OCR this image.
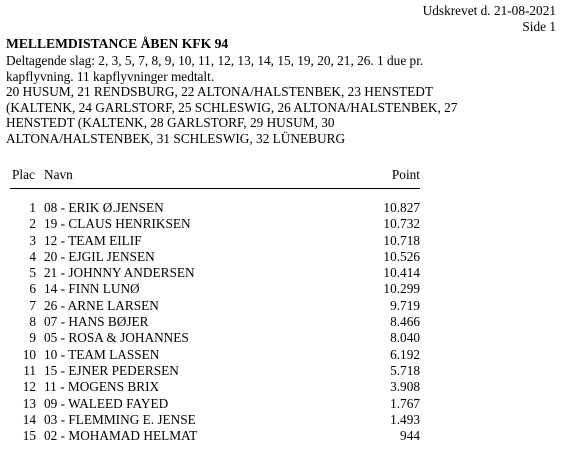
Udskrevet d. 21-08-2021
Side 1
MELLEMDISTANCE ÅBEN KFK 94

Deltagende slag: 2, 3, 5, 7, 8, 9, 10, 11, 12, 13, 14, 15, 19, 20, 21, 26. 1 due pr. kapflyvning. 11 kapflyvninger medtalt.

20 HUSUM, 21 RENDSBURG, 22 ALTONA/HALSTENBEK, 23 HENSTEDT (KALTENK, 24 GARLSTORF, 25 SCHLESWIG, 26 ALTONA/HALSTENBEK, 27 HENSTEDT (KALTENK, 28 GARLSTORF, 29 HUSUM, 30 ALTONA/HALSTENBEK, 31 SCHLESWIG, 32 LÜNEBURG

Plac Navn	Point
1 08 - ERIK Ø.JENSEN	10.827
2 19 - CLAUS HENRIKSEN	10.732
3 12 - TEAM EILIF	10.718
4 20 - EJGIL JENSEN	10.526
5 21 - JOHNNY ANDERSEN	10.414
6 14 - FINN LUNØ	10.299
7 26 - ARNE LARSEN	9.719
8 07 - HANS BØJER	8.466
9 05 - ROSA & JOHANNES	8.040
10 10 - TEAM LASSEN	6.192
11 15 - EJNER PEDERSEN	5.718
12 11 - MOGENS BRIX	3.908
13 09 - WALEED FAYED	1.767
14 03 - FLEMMING E. JENSE	1.493
15 02 - MOHAMAD HELMAT	944
